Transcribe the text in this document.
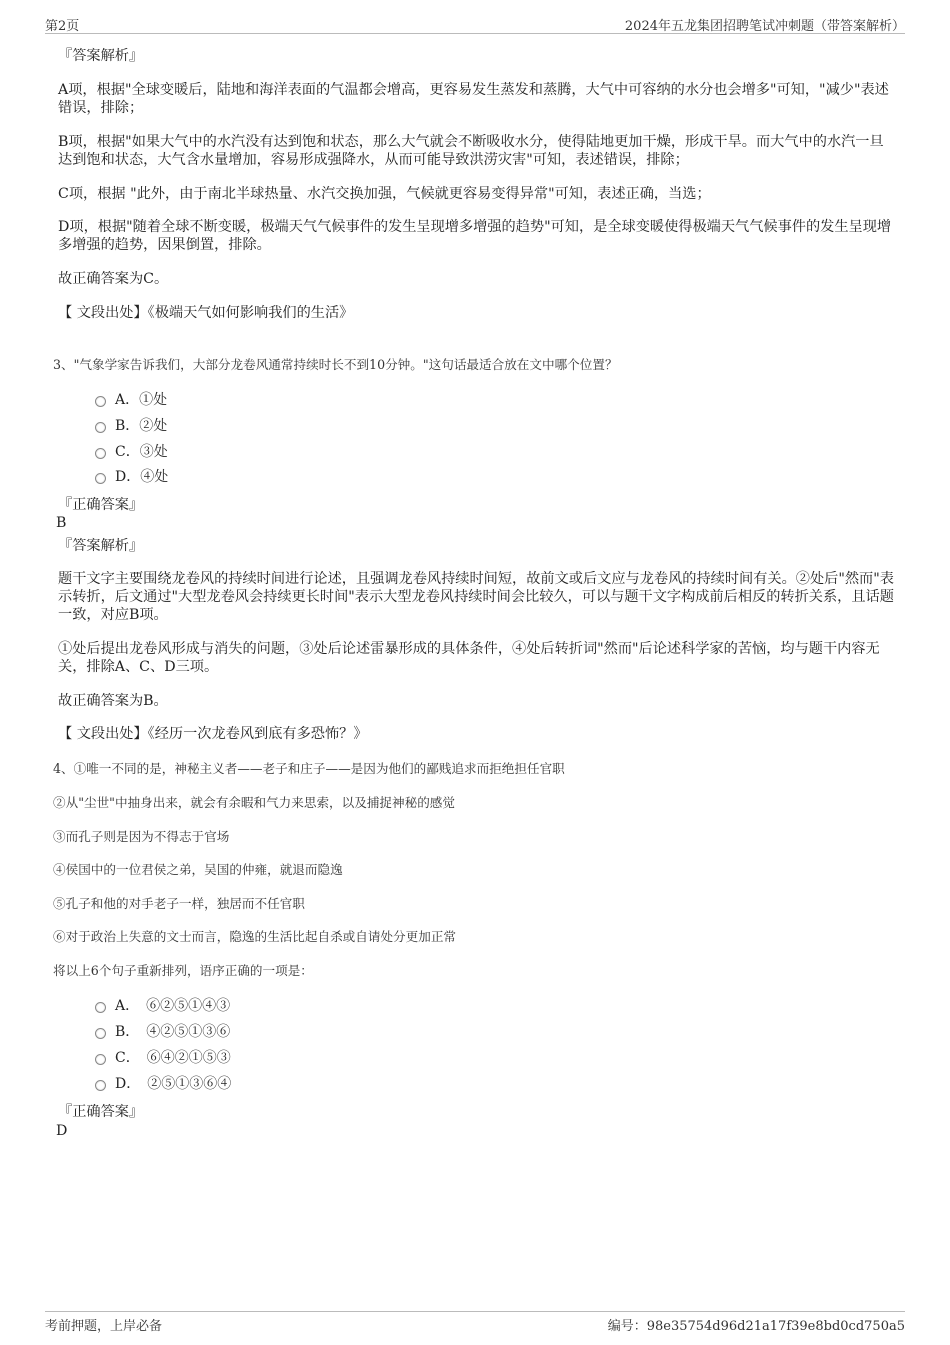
第2页	2024年五龙集团招聘笔试冲刺题（带答案解析）
『答案解析』
A项，根据"全球变暖后，陆地和海洋表面的气温都会增高，更容易发生蒸发和蒸腾，大气中可容纳的水分也会增多"可知，"减少"表述错误，排除；
B项，根据"如果大气中的水汽没有达到饱和状态，那么大气就会不断吸收水分，使得陆地更加干燥，形成干旱。而大气中的水汽一旦达到饱和状态，大气含水量增加，容易形成强降水，从而可能导致洪涝灾害"可知，表述错误，排除；
C项，根据 "此外，由于南北半球热量、水汽交换加强，气候就更容易变得异常"可知，表述正确，当选；
D项，根据"随着全球不断变暖，极端天气气候事件的发生呈现增多增强的趋势"可知，是全球变暖使得极端天气气候事件的发生呈现增多增强的趋势，因果倒置，排除。
故正确答案为C。
【 文段出处】《极端天气如何影响我们的生活》
3、"气象学家告诉我们，大部分龙卷风通常持续时长不到10分钟。"这句话最适合放在文中哪个位置？
A．①处
B．②处
C．③处
D．④处
『正确答案』
B
『答案解析』
题干文字主要围绕龙卷风的持续时间进行论述，且强调龙卷风持续时间短，故前文或后文应与龙卷风的持续时间有关。②处后"然而"表示转折，后文通过"大型龙卷风会持续更长时间"表示大型龙卷风持续时间会比较久，可以与题干文字构成前后相反的转折关系，且话题一致，对应B项。
①处后提出龙卷风形成与消失的问题，③处后论述雷暴形成的具体条件，④处后转折词"然而"后论述科学家的苦恼，均与题干内容无关，排除A、C、D三项。
故正确答案为B。
【 文段出处】《经历一次龙卷风到底有多恐怖？》
4、①唯一不同的是，神秘主义者——老子和庄子——是因为他们的鄙贱追求而拒绝担任官职
②从"尘世"中抽身出来，就会有余暇和气力来思索，以及捕捉神秘的感觉
③而孔子则是因为不得志于官场
④侯国中的一位君侯之弟，吴国的仲雍，就退而隐逸
⑤孔子和他的对手老子一样，独居而不任官职
⑥对于政治上失意的文士而言，隐逸的生活比起自杀或自请处分更加正常
将以上6个句子重新排列，语序正确的一项是：
A．　⑥②⑤①④③
B．　④②⑤①③⑥
C．　⑥④②①⑤③
D．　②⑤①③⑥④
『正确答案』
D
考前押题，上岸必备	编号：98e35754d96d21a17f39e8bd0cd750a5
